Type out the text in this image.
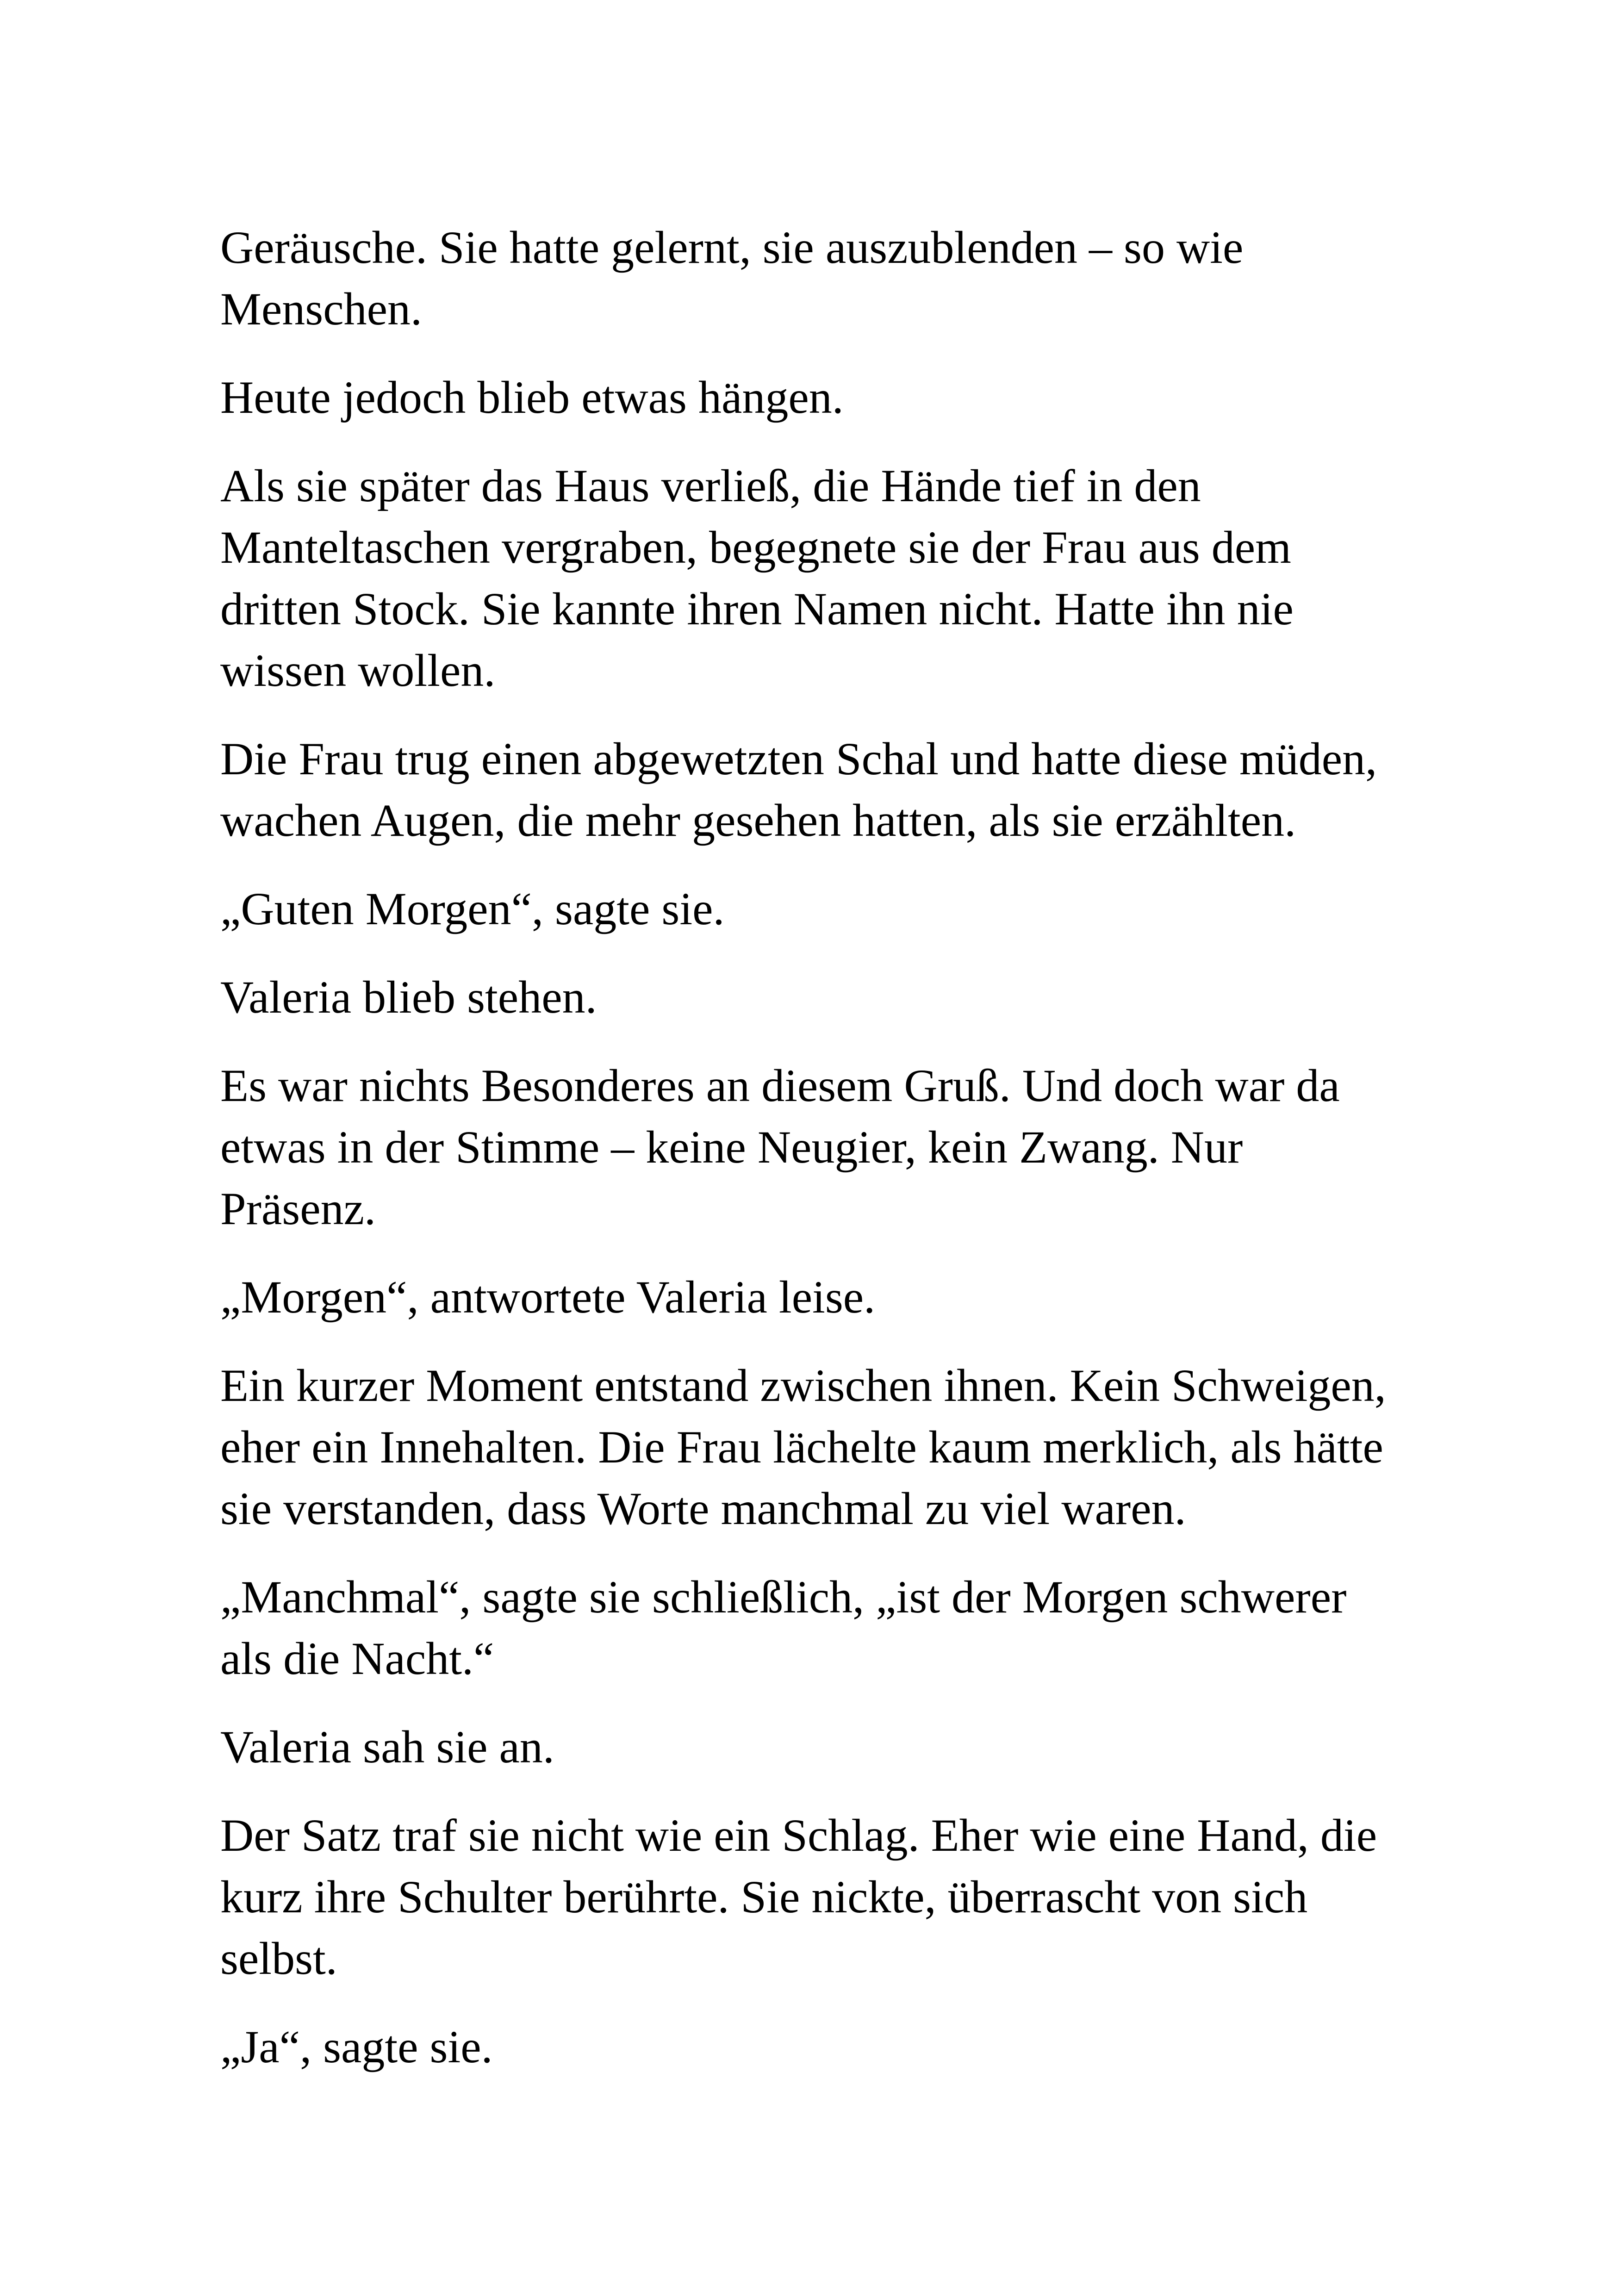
Geräusche. Sie hatte gelernt, sie auszublenden – so wie
Menschen.

Heute jedoch blieb etwas hängen.

Als sie später das Haus verließ, die Hände tief in den
Manteltaschen vergraben, begegnete sie der Frau aus dem
dritten Stock. Sie kannte ihren Namen nicht. Hatte ihn nie
wissen wollen.

Die Frau trug einen abgewetzten Schal und hatte diese müden,
wachen Augen, die mehr gesehen hatten, als sie erzählten.

„Guten Morgen“, sagte sie.

Valeria blieb stehen.

Es war nichts Besonderes an diesem Gruß. Und doch war da
etwas in der Stimme – keine Neugier, kein Zwang. Nur
Präsenz.

„Morgen“, antwortete Valeria leise.

Ein kurzer Moment entstand zwischen ihnen. Kein Schweigen,
eher ein Innehalten. Die Frau lächelte kaum merklich, als hätte
sie verstanden, dass Worte manchmal zu viel waren.

„Manchmal“, sagte sie schließlich, „ist der Morgen schwerer
als die Nacht.“

Valeria sah sie an.

Der Satz traf sie nicht wie ein Schlag. Eher wie eine Hand, die
kurz ihre Schulter berührte. Sie nickte, überrascht von sich
selbst.

„Ja“, sagte sie.
